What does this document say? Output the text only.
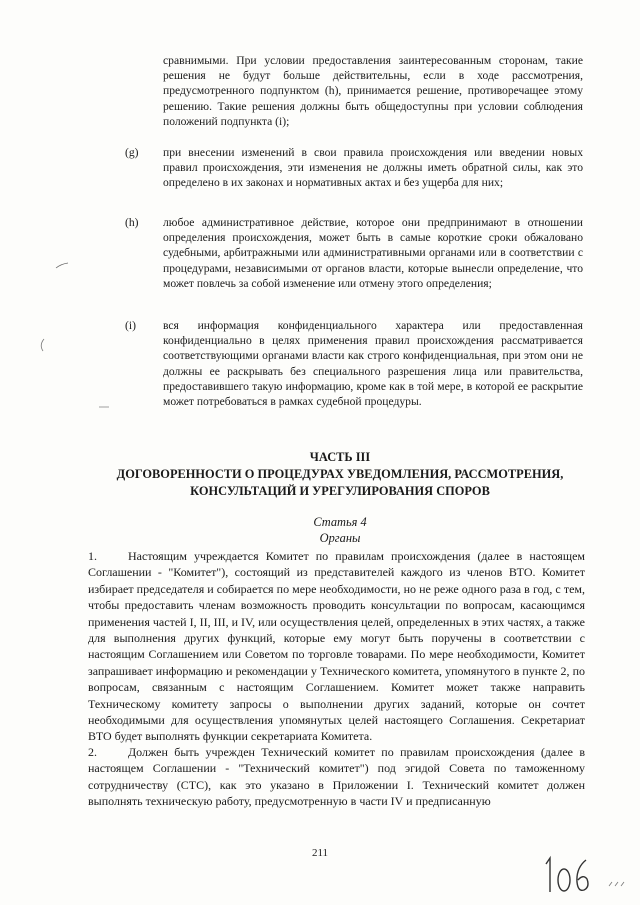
сравнимыми. При условии предоставления заинтересованным сторонам, такие решения не будут больше действительны, если в ходе рассмотрения, предусмотренного подпунктом (h), принимается решение, противоречащее этому решению. Такие решения должны быть общедоступны при условии соблюдения положений подпункта (i);
(g) при внесении изменений в свои правила происхождения или введении новых правил происхождения, эти изменения не должны иметь обратной силы, как это определено в их законах и нормативных актах и без ущерба для них;
(h) любое административное действие, которое они предпринимают в отношении определения происхождения, может быть в самые короткие сроки обжаловано судебными, арбитражными или административными органами или в соответствии с процедурами, независимыми от органов власти, которые вынесли определение, что может повлечь за собой изменение или отмену этого определения;
(i) вся информация конфиденциального характера или предоставленная конфиденциально в целях применения правил происхождения рассматривается соответствующими органами власти как строго конфиденциальная, при этом они не должны ее раскрывать без специального разрешения лица или правительства, предоставившего такую информацию, кроме как в той мере, в которой ее раскрытие может потребоваться в рамках судебной процедуры.
ЧАСТЬ III
ДОГОВОРЕННОСТИ О ПРОЦЕДУРАХ УВЕДОМЛЕНИЯ, РАССМОТРЕНИЯ,
КОНСУЛЬТАЦИЙ И УРЕГУЛИРОВАНИЯ СПОРОВ
Статья 4
Органы
1.	Настоящим учреждается Комитет по правилам происхождения (далее в настоящем Соглашении - "Комитет"), состоящий из представителей каждого из членов ВТО. Комитет избирает председателя и собирается по мере необходимости, но не реже одного раза в год, с тем, чтобы предоставить членам возможность проводить консультации по вопросам, касающимся применения частей I, II, III, и IV, или осуществления целей, определенных в этих частях, а также для выполнения других функций, которые ему могут быть поручены в соответствии с настоящим Соглашением или Советом по торговле товарами. По мере необходимости, Комитет запрашивает информацию и рекомендации у Технического комитета, упомянутого в пункте 2, по вопросам, связанным с настоящим Соглашением. Комитет может также направить Техническому комитету запросы о выполнении других заданий, которые он сочтет необходимыми для осуществления упомянутых целей настоящего Соглашения. Секретариат ВТО будет выполнять функции секретариата Комитета.
2.	Должен быть учрежден Технический комитет по правилам происхождения (далее в настоящем Соглашении - "Технический комитет") под эгидой Совета по таможенному сотрудничеству (СТС), как это указано в Приложении I. Технический комитет должен выполнять техническую работу, предусмотренную в части IV и предписанную
211
